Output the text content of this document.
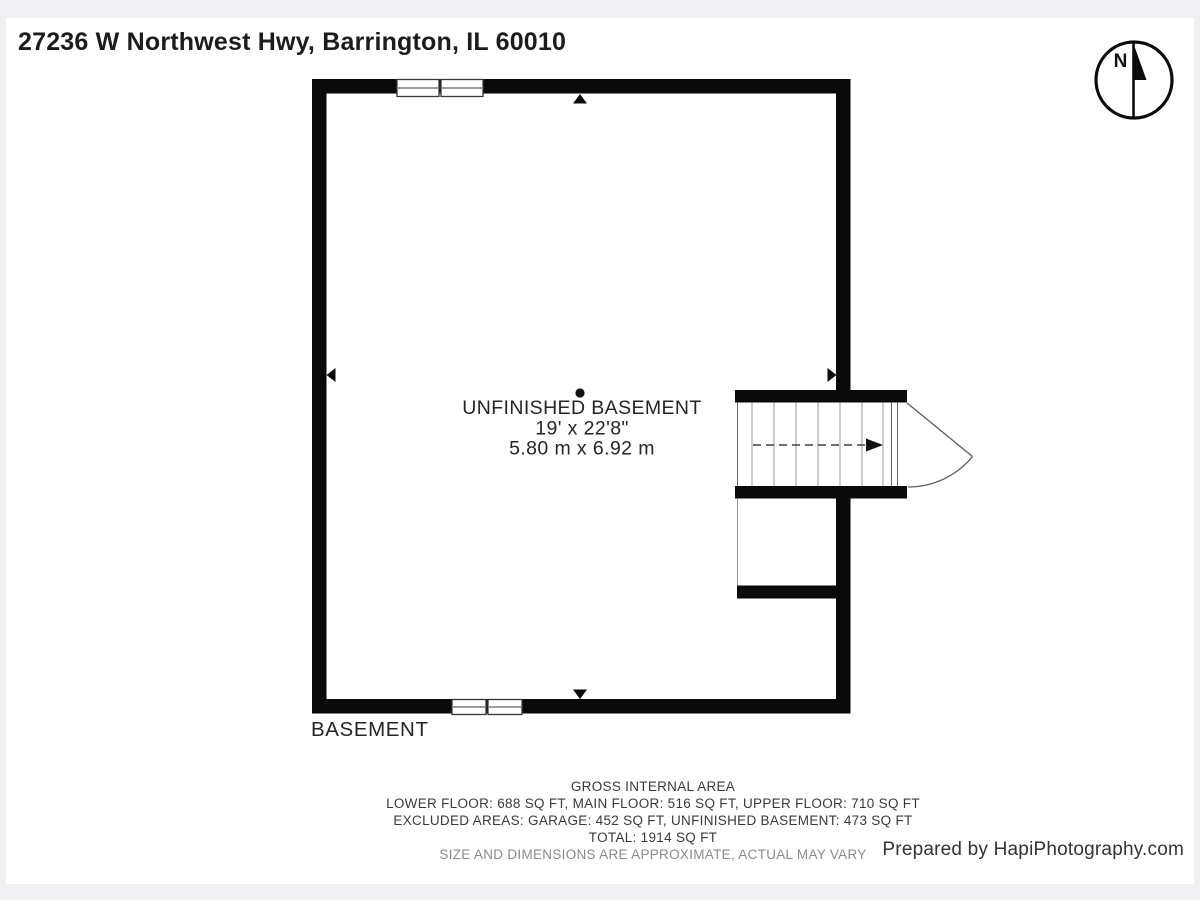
27236 W Northwest Hwy, Barrington, IL 60010
UNFINISHED BASEMENT
19' x 22'8"
5.80 m x 6.92 m
N
BASEMENT
GROSS INTERNAL AREA
LOWER FLOOR: 688 SQ FT, MAIN FLOOR: 516 SQ FT, UPPER FLOOR: 710 SQ FT
EXCLUDED AREAS: GARAGE: 452 SQ FT, UNFINISHED BASEMENT: 473 SQ FT
TOTAL: 1914 SQ FT
SIZE AND DIMENSIONS ARE APPROXIMATE, ACTUAL MAY VARY Prepared by HapiPhotography.com
